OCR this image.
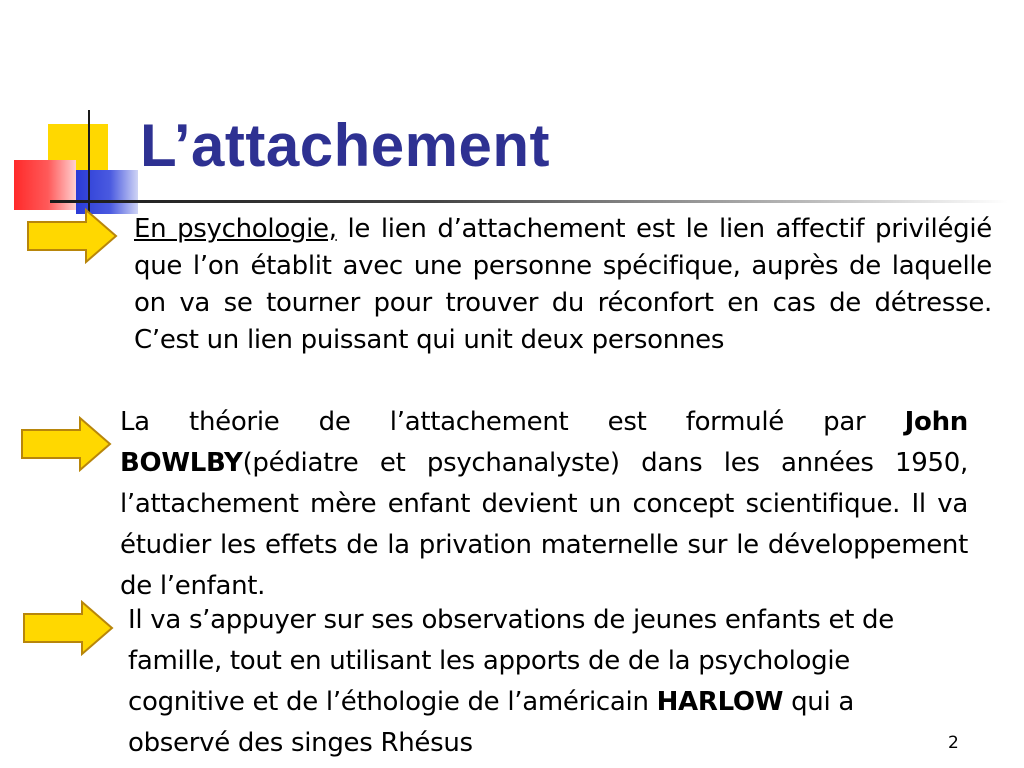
L’attachement

En psychologie, le lien d’attachement est le lien affectif privilégié que l’on établit avec une personne spécifique, auprès de laquelle on va se tourner pour trouver du réconfort en cas de détresse. C’est un lien puissant qui unit deux personnes

La théorie de l’attachement est formulé par John BOWLBY(pédiatre et psychanalyste) dans les années 1950, l’attachement mère enfant devient un concept scientifique. Il va étudier les effets de la privation maternelle sur le développement de l’enfant.

Il va s’appuyer sur ses observations de jeunes enfants et de famille, tout en utilisant les apports de de la psychologie cognitive et de l’éthologie de l’américain HARLOW qui a observé des singes Rhésus	2
